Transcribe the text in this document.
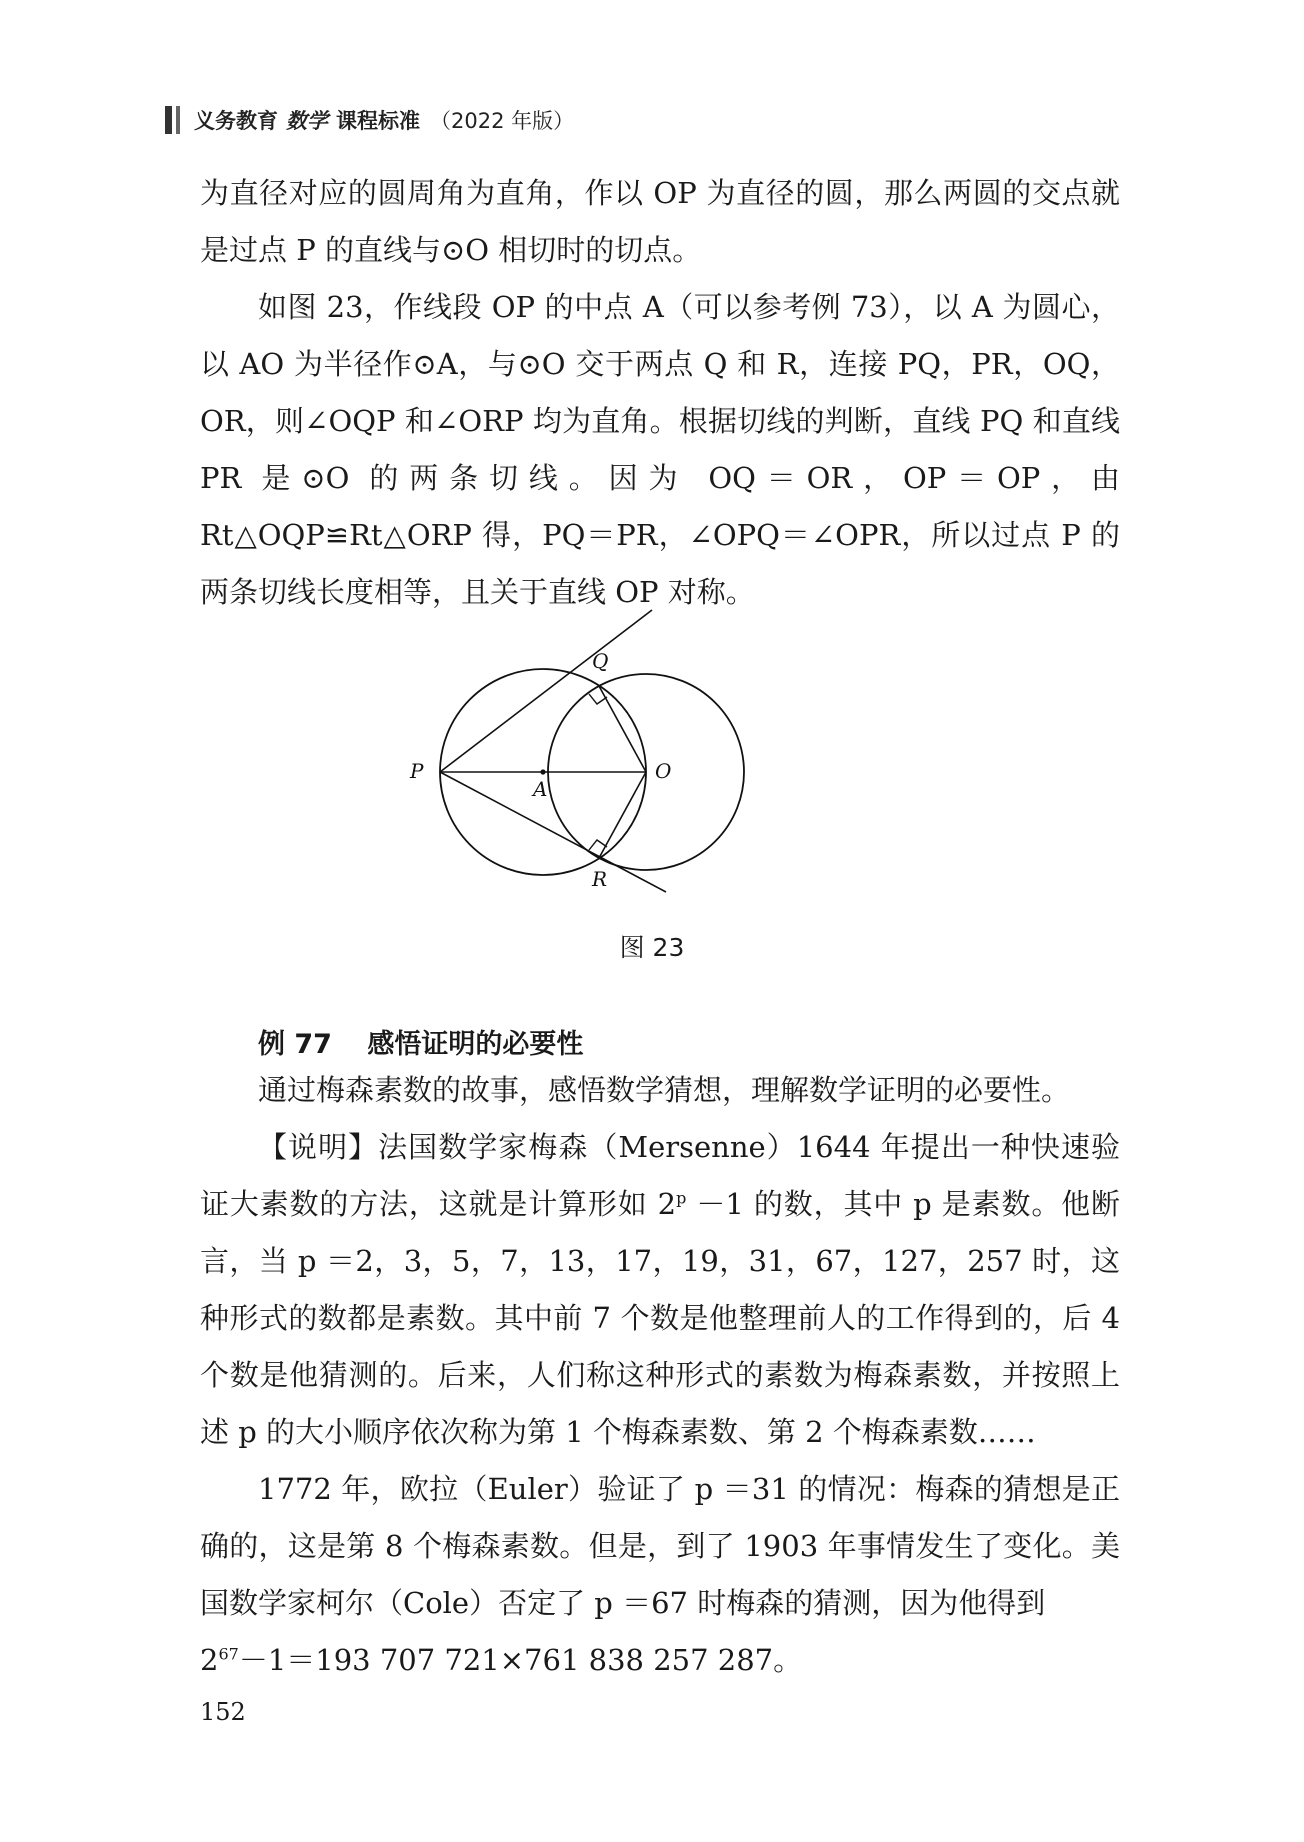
义务教育 数学 课程标准 （2022 年版）

为直径对应的圆周角为直角，作以 OP 为直径的圆，那么两圆的交点就是过点 P 的直线与⊙O 相切时的切点。

如图 23，作线段 OP 的中点 A（可以参考例 73），以 A 为圆心，以 AO 为半径作⊙A，与⊙O 交于两点 Q 和 R，连接 PQ，PR，OQ，OR，则∠OQP 和∠ORP 均为直角。根据切线的判断，直线 PQ 和直线 PR 是⊙O 的两条切线。因为 OQ＝OR，OP＝OP，由 Rt△OQP≌Rt△ORP 得，PQ＝PR，∠OPQ＝∠OPR，所以过点 P 的两条切线长度相等，且关于直线 OP 对称。

P
Q
O
A
R
图 23
例 77 感悟证明的必要性

通过梅森素数的故事，感悟数学猜想，理解数学证明的必要性。

【说明】法国数学家梅森（Mersenne）1644 年提出一种快速验证大素数的方法，这就是计算形如 $2^p -1$ 的数，其中 p 是素数。他断言，当 p ＝2，3，5，7，13，17，19，31，67，127，257 时，这种形式的数都是素数。其中前 7 个数是他整理前人的工作得到的，后 4 个数是他猜测的。后来，人们称这种形式的素数为梅森素数，并按照上述 p 的大小顺序依次称为第 1 个梅森素数、第 2 个梅森素数……

1772 年，欧拉（Euler）验证了 p ＝31 的情况：梅森的猜想是正确的，这是第 8 个梅森素数。但是，到了 1903 年事情发生了变化。美国数学家柯尔（Cole）否定了 p ＝67 时梅森的猜测，因为他得到
$2^{67}-1=193$ 707 721×761 838 257 287。

152
